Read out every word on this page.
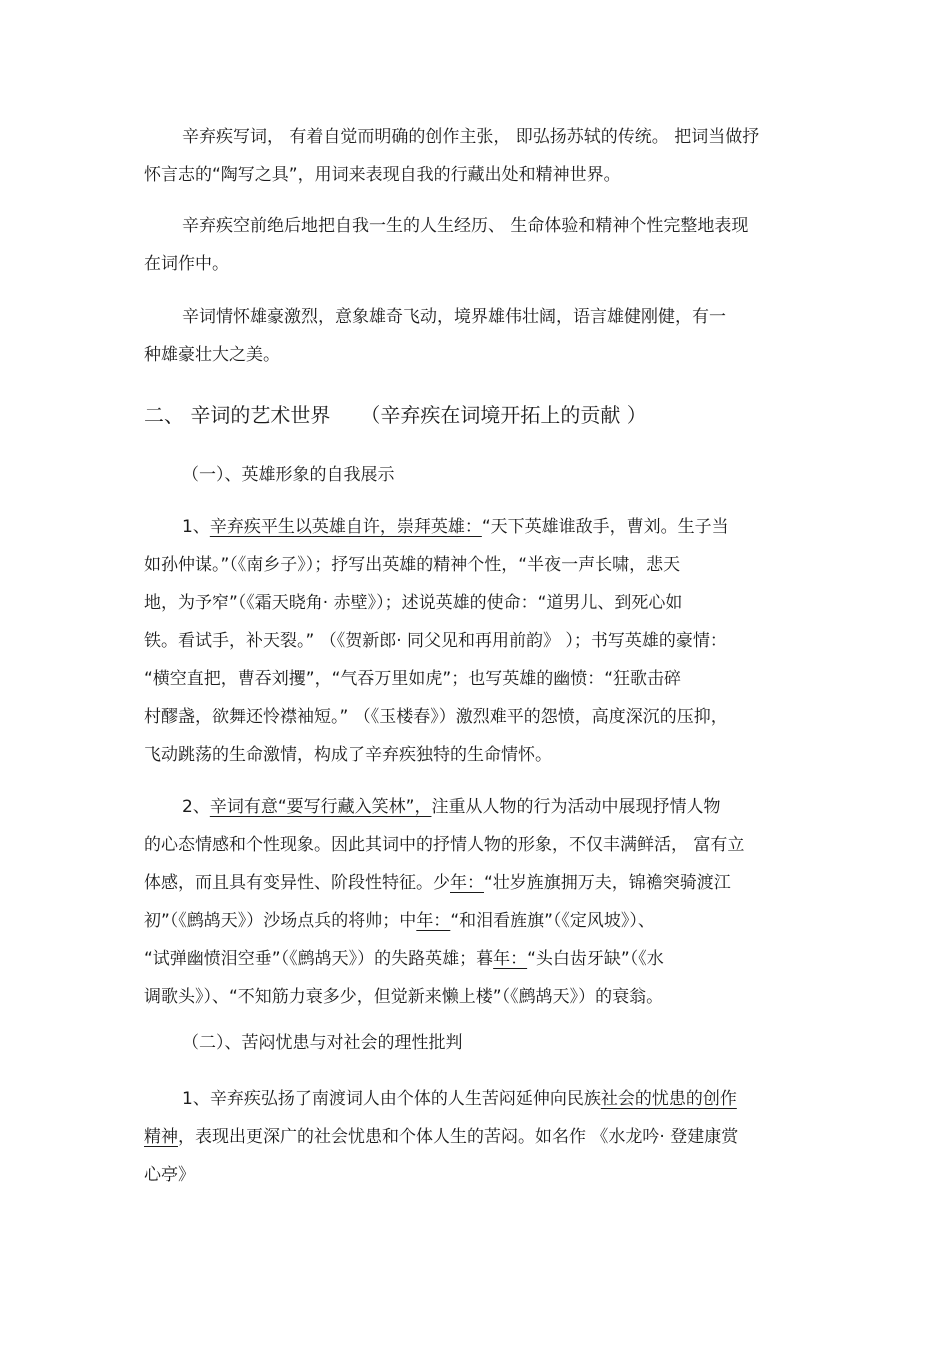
辛弃疾写词， 有着自觉而明确的创作主张， 即弘扬苏轼的传统。 把词当做抒
怀言志的“陶写之具”，用词来表现自我的行藏出处和精神世界。
辛弃疾空前绝后地把自我一生的人生经历、 生命体验和精神个性完整地表现
在词作中。
辛词情怀雄豪激烈，意象雄奇飞动，境界雄伟壮阔，语言雄健刚健，有一
种雄豪壮大之美。
二、 辛词的艺术世界 （辛弃疾在词境开拓上的贡献 ）
（一）、英雄形象的自我展示
1、辛弃疾平生以英雄自许，崇拜英雄：“天下英雄谁敌手，曹刘。生子当
如孙仲谋。”（《南乡子》）；抒写出英雄的精神个性，“半夜一声长啸，悲天
地，为予窄”（《霜天晓角· 赤壁》）；述说英雄的使命：“道男儿、到死心如
铁。看试手，补天裂。” （《贺新郎· 同父见和再用前韵》 ）；书写英雄的豪情：
“横空直把，曹吞刘攫”，“气吞万里如虎”；也写英雄的幽愤：“狂歌击碎
村醪盏，欲舞还怜襟袖短。” （《玉楼春》）激烈难平的怨愤，高度深沉的压抑，
飞动跳荡的生命激情，构成了辛弃疾独特的生命情怀。
2、辛词有意“要写行藏入笑林”，注重从人物的行为活动中展现抒情人物
的心态情感和个性现象。因此其词中的抒情人物的形象，不仅丰满鲜活， 富有立
体感，而且具有变异性、阶段性特征。少年：“壮岁旌旗拥万夫，锦襜突骑渡江
初”（《鹧鸪天》）沙场点兵的将帅；中年：“和泪看旌旗”（《定风坡》）、
“试弹幽愤泪空垂”（《鹧鸪天》）的失路英雄；暮年：“头白齿牙缺”（《水
调歌头》）、“不知筋力衰多少，但觉新来懒上楼”（《鹧鸪天》）的衰翁。
（二）、苦闷忧患与对社会的理性批判
1、辛弃疾弘扬了南渡词人由个体的人生苦闷延伸向民族社会的忧患的创作
精神，表现出更深广的社会忧患和个体人生的苦闷。如名作 《水龙吟· 登建康赏
心亭》
